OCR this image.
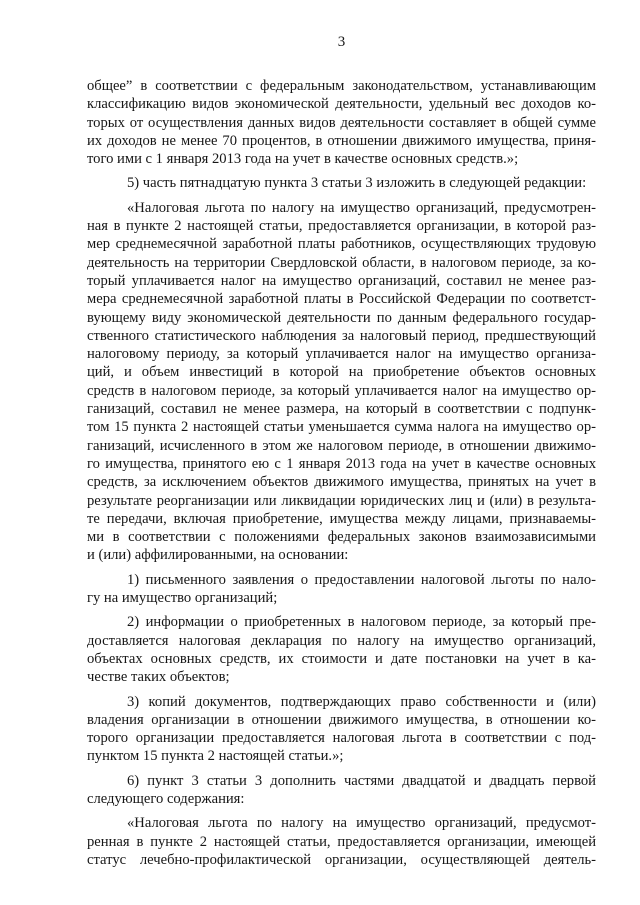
3
общее” в соответствии с федеральным законодательством, устанавливающим
классификацию видов экономической деятельности, удельный вес доходов ко-
торых от осуществления данных видов деятельности составляет в общей сумме
их доходов не менее 70 процентов, в отношении движимого имущества, приня-
того ими с 1 января 2013 года на учет в качестве основных средств.»;
5) часть пятнадцатую пункта 3 статьи 3 изложить в следующей редакции:
«Налоговая льгота по налогу на имущество организаций, предусмотрен-
ная в пункте 2 настоящей статьи, предоставляется организации, в которой раз-
мер среднемесячной заработной платы работников, осуществляющих трудовую
деятельность на территории Свердловской области, в налоговом периоде, за ко-
торый уплачивается налог на имущество организаций, составил не менее раз-
мера среднемесячной заработной платы в Российской Федерации по соответст-
вующему виду экономической деятельности по данным федерального государ-
ственного статистического наблюдения за налоговый период, предшествующий
налоговому периоду, за который уплачивается налог на имущество организа-
ций, и объем инвестиций в которой на приобретение объектов основных
средств в налоговом периоде, за который уплачивается налог на имущество ор-
ганизаций, составил не менее размера, на который в соответствии с подпунк-
том 15 пункта 2 настоящей статьи уменьшается сумма налога на имущество ор-
ганизаций, исчисленного в этом же налоговом периоде, в отношении движимо-
го имущества, принятого ею с 1 января 2013 года на учет в качестве основных
средств, за исключением объектов движимого имущества, принятых на учет в
результате реорганизации или ликвидации юридических лиц и (или) в результа-
те передачи, включая приобретение, имущества между лицами, признаваемы-
ми в соответствии с положениями федеральных законов взаимозависимыми
и (или) аффилированными, на основании:
1) письменного заявления о предоставлении налоговой льготы по нало-
гу на имущество организаций;
2) информации о приобретенных в налоговом периоде, за который пре-
доставляется налоговая декларация по налогу на имущество организаций,
объектах основных средств, их стоимости и дате постановки на учет в ка-
честве таких объектов;
3) копий документов, подтверждающих право собственности и (или)
владения организации в отношении движимого имущества, в отношении ко-
торого организации предоставляется налоговая льгота в соответствии с под-
пунктом 15 пункта 2 настоящей статьи.»;
6) пункт 3 статьи 3 дополнить частями двадцатой и двадцать первой
следующего содержания:
«Налоговая льгота по налогу на имущество организаций, предусмот-
ренная в пункте 2 настоящей статьи, предоставляется организации, имеющей
статус лечебно-профилактической организации, осуществляющей деятель-
